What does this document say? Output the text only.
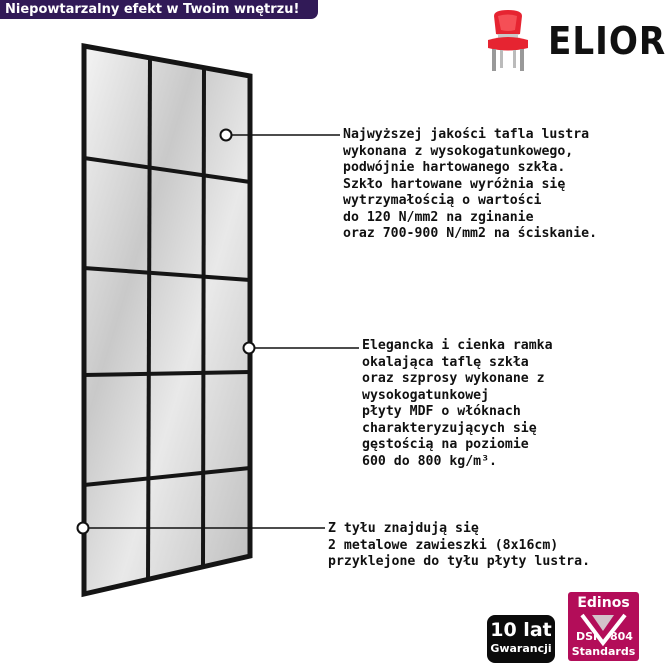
Niepowtarzalny efekt w Twoim wnętrzu!
ELIOR
Najwyższej jakości tafla lustra
wykonana z wysokogatunkowego,
podwójnie hartowanego szkła.
Szkło hartowane wyróżnia się
wytrzymałością o wartości
do 120 N/mm2 na zginanie
oraz 700-900 N/mm2 na ściskanie.
Elegancka i cienka ramka
okalająca taflę szkła
oraz szprosy wykonane z
wysokogatunkowej
płyty MDF o włóknach
charakteryzujących się
gęstością na poziomie
600 do 800 kg/m³.
Z tyłu znajdują się
2 metalowe zawieszki (8x16cm)
przyklejone do tyłu płyty lustra.
10 lat
Gwarancji
Edinos
DSI 804
Standards
